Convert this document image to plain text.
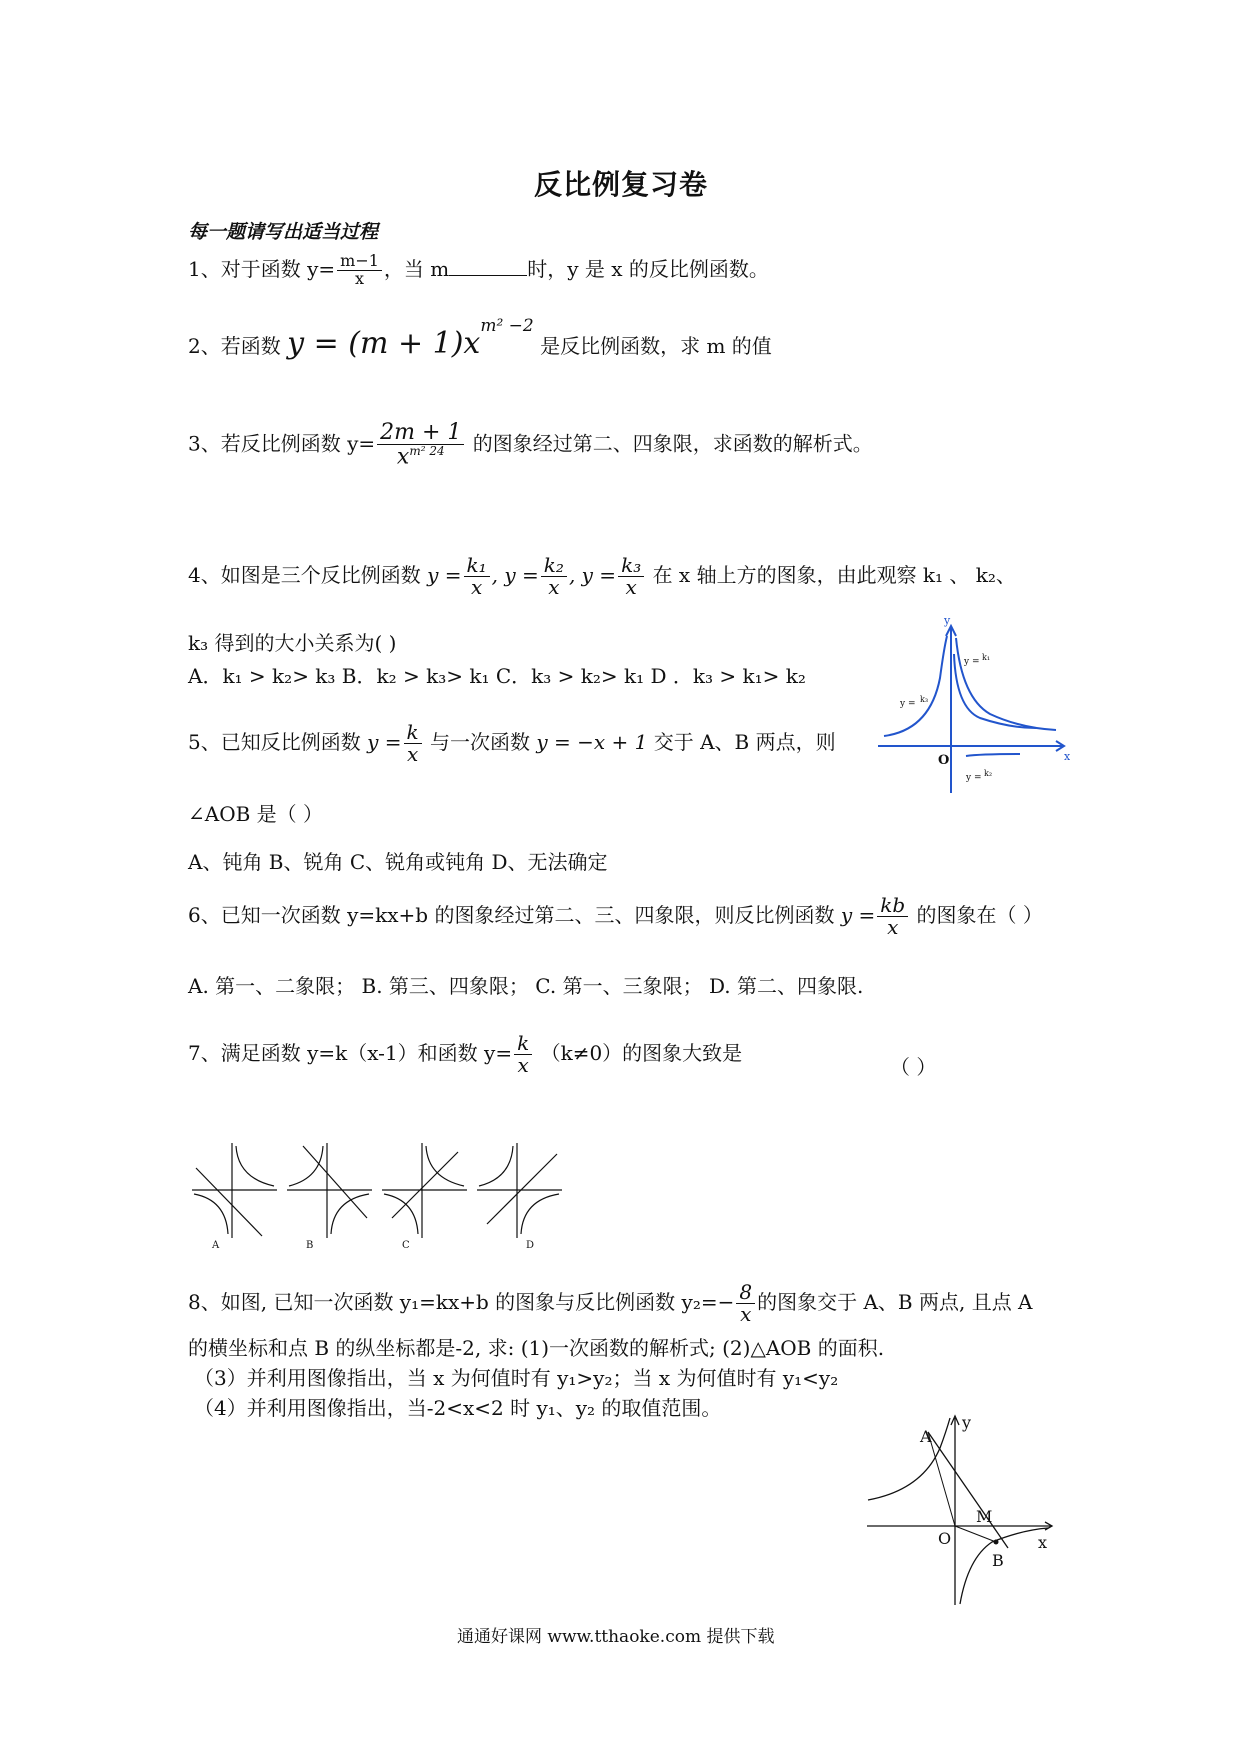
反比例复习卷
每一题请写出适当过程
1、对于函数 $y= \frac{m-1}{x}$ ，当 m	时，y 是 x 的反比例函数。
2、若函数 $y = (m + 1)x^{m^2 -2}$ 是反比例函数，求 m 的值
3、若反比例函数 $y= \frac{2m + 1}{x^{m^2 24}}$ 的图象经过第二、四象限，求函数的解析式。
4、如图是三个反比例函数 $y = \frac{\text{k₁}}{x}$ , $y = \frac{\text{k₂}}{x}$ , $y = \frac{\text{k₃}}{x}$ 在 x 轴上方的图象，由此观察 k₁ 、 k₂、
k₃ 得到的大小关系为( )
A．k₁ > k₂> k₃ B．k₂ > k₃> k₁ C．k₃ > k₂> k₁ D ．k₃ > k₁> k₂
y
x
O
y = k₁
y = k₃
y = k₂
5、已知反比例函数 $y = \frac{k}{x}$ 与一次函数 y = −x + 1 交于 A、B 两点，则
∠AOB 是（ ）
A、钝角 B、锐角 C、锐角或钝角 D、无法确定
6、已知一次函数 y=kx+b 的图象经过第二、三、四象限，则反比例函数 $y = \frac{kb}{x}$ 的图象在（ ）
A. 第一、二象限； B. 第三、四象限； C. 第一、三象限； D. 第二、四象限.
7、满足函数 y=k（x-1）和函数 $y= \frac{k}{x} (k\ne 0)$的图象大致是
（ ）
A	B	C	D
8、如图, 已知一次函数 y₁=kx+b 的图象与反比例函数 $y_2=- \frac{8}{x}$ 的图象交于 A、B 两点, 且点 A
的横坐标和点 B 的纵坐标都是-2, 求: (1)一次函数的解析式; (2)△AOB 的面积.
（3）并利用图像指出，当 x 为何值时有 y₁>y₂；当 x 为何值时有 y₁<y₂
（4）并利用图像指出，当-2<x<2 时 y₁、y₂ 的取值范围。
y
x
O
A
B
M
通通好课网 www.tthaoke.com 提供下载
